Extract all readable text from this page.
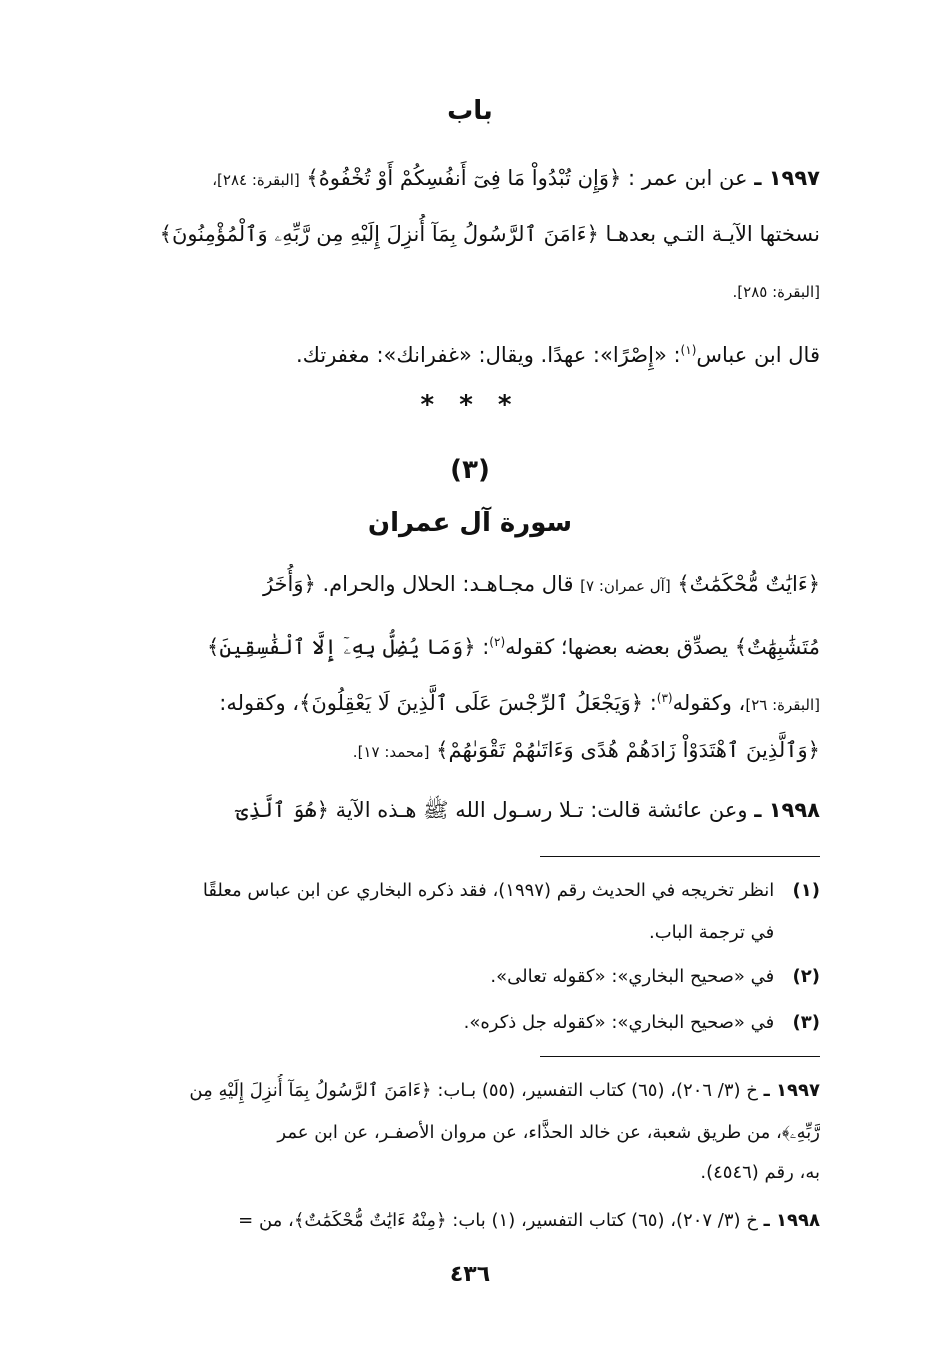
باب
١٩٩٧ ـ عن ابن عمر : ﴿وَإِن تُبْدُواْ مَا فِىٓ أَنفُسِكُمْ أَوْ تُخْفُوهُ﴾ [البقرة: ٢٨٤]،
نسختها الآيـة التـي بعدهـا ﴿ءَامَنَ ٱلرَّسُولُ بِمَآ أُنزِلَ إِلَيْهِ مِن رَّبِّهِۦ وَٱلْمُؤْمِنُونَ﴾
[البقرة: ٢٨٥].
قال ابن عباس$^{(١)}$: «إِصْرًا»: عهدًا. ويقال: «غفرانك»: مغفرتك.
* * *
(٣)
سورة آل عمران
﴿ءَايَٰتٌ مُّحْكَمَٰتٌ﴾ [آل عمران: ٧] قال مجـاهـد: الحلال والحرام. ﴿وَأُخَرُ
مُتَشَٰبِهَٰتٌ﴾ يصدِّق بعضه بعضها؛ كقوله$^{(٢)}$: ﴿وَمَا يُضِلُّ بِهِۦٓ إِلَّا ٱلْفَٰسِقِينَ﴾
[البقرة: ٢٦]، وكقوله$^{(٣)}$: ﴿وَيَجْعَلُ ٱلرِّجْسَ عَلَى ٱلَّذِينَ لَا يَعْقِلُونَ﴾، وكقوله:
﴿وَٱلَّذِينَ ٱهْتَدَوْاْ زَادَهُمْ هُدًى وَءَاتَىٰهُمْ تَقْوَىٰهُمْ﴾ [محمد: ١٧].
١٩٩٨ ـ وعن عائشة قالت: تـلا رسـول الله ﷺ هـذه الآية ﴿هُوَ ٱلَّذِىٓ
(١) انظر تخريجه في الحديث رقم (١٩٩٧)، فقد ذكره البخاري عن ابن عباس معلقًا
في ترجمة الباب.
(٢) في «صحيح البخاري»: «كقوله تعالى».
(٣) في «صحيح البخاري»: «كقوله جل ذكره».
١٩٩٧ ـ خ (٣/ ٢٠٦)، (٦٥) كتاب التفسير، (٥٥) بـاب: ﴿ءَامَنَ ٱلرَّسُولُ بِمَآ أُنزِلَ إِلَيْهِ مِن
رَّبِّهِۦ﴾، من طريق شعبة، عن خالد الحذَّاء، عن مروان الأصفـر، عن ابن عمر
به، رقم (٤٥٤٦).
١٩٩٨ ـ خ (٣/ ٢٠٧)، (٦٥) كتاب التفسير، (١) باب: ﴿مِنْهُ ءَايَٰتٌ مُّحْكَمَٰتٌ﴾، من =
٤٣٦
